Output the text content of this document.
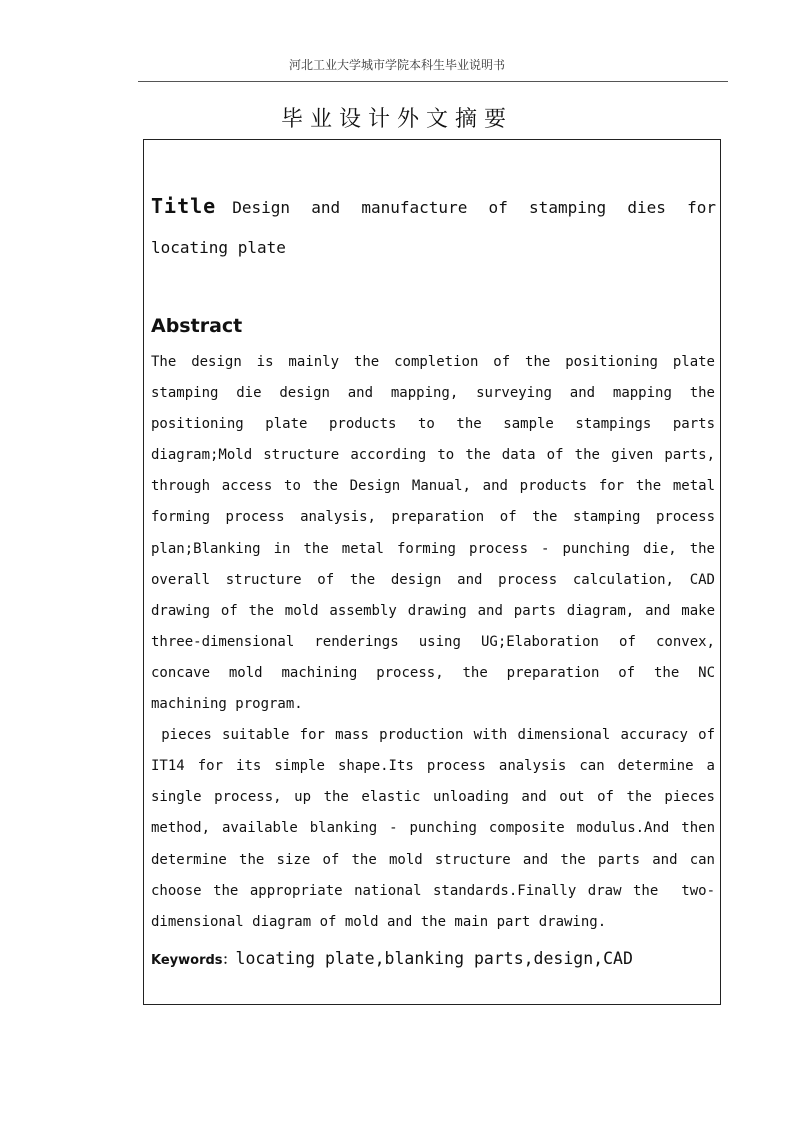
河北工业大学城市学院本科生毕业说明书
毕业设计外文摘要
Title Design and manufacture of stamping dies for locating plate
Abstract

The design is mainly the completion of the positioning plate stamping die design and mapping, surveying and mapping the positioning plate products to the sample stampings parts diagram;Mold structure according to the data of the given parts, through access to the Design Manual, and products for the metal forming process analysis, preparation of the stamping process plan;Blanking in the metal forming process - punching die, the overall structure of the design and process calculation, CAD drawing of the mold assembly drawing and parts diagram, and make three-dimensional renderings using UG;Elaboration of convex, concave mold machining process, the preparation of the NC machining program.

pieces suitable for mass production with dimensional accuracy of IT14 for its simple shape.Its process analysis can determine a single process, up the elastic unloading and out of the pieces method, available blanking - punching composite modulus.And then determine the size of the mold structure and the parts and can choose the appropriate national standards.Finally draw the  two-dimensional diagram of mold and the main part drawing.

Keywords：locating plate,blanking parts,design,CAD
